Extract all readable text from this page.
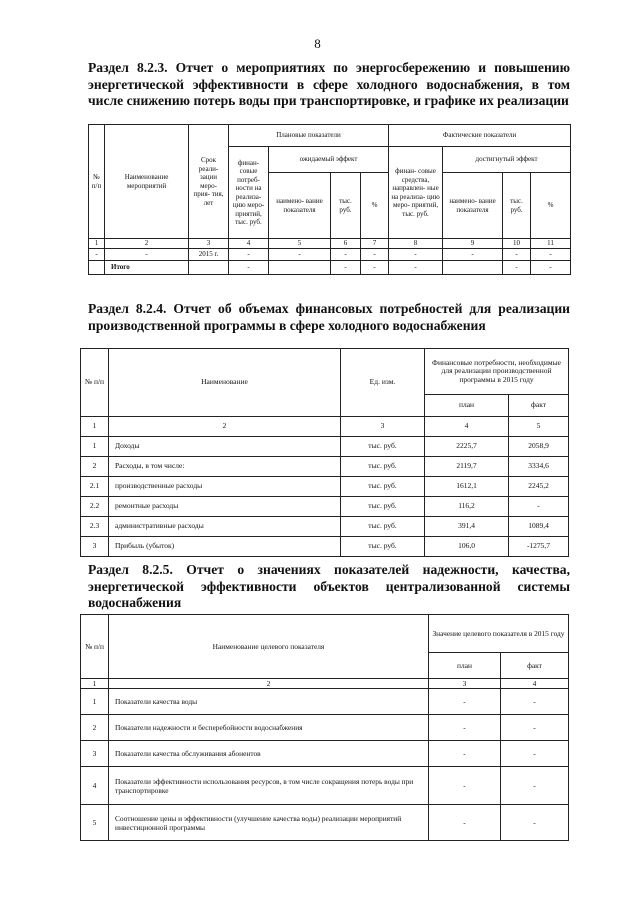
8
Раздел 8.2.3. Отчет о мероприятиях по энергосбережению и повышению энергетической эффективности в сфере холодного водоснабжения, в том числе снижению потерь воды при транспортировке, и графике их реализации
№ п/п	Наименование мероприятий	Срок реали- зации меро- прия- тия, лет	Плановые показатели				Фактические показатели			
			финан- совые потреб- ности на реализа- цию меро- приятий, тыс. руб.	ожидаемый эффект			финан- совые средства, направлен- ные на реализа- цию меро- приятий, тыс. руб.	достигнутый эффект		
				наимено- вание показателя	тыс. руб.	%		наимено- вание показателя	тыс. руб.	%
1	2	3	4	5	6	7	8	9	10	11
-	-	2015 г.	-	-	-	-	-	-	-	-
	Итого		-		-	-	-		-	-
Раздел 8.2.4. Отчет об объемах финансовых потребностей для реализации производственной программы в сфере холодного водоснабжения
№ п/п	Наименование	Ед. изм.	Финансовые потребности, необходимые для реализации производственной программы в 2015 году	
			план	факт
1	2	3	4	5
1	Доходы	тыс. руб.	2225,7	2058,9
2	Расходы, в том числе:	тыс. руб.	2119,7	3334,6
2.1	производственные расходы	тыс. руб.	1612,1	2245,2
2.2	ремонтные расходы	тыс. руб.	116,2	-
2.3	административные расходы	тыс. руб.	391,4	1089,4
3	Прибыль (убыток)	тыс. руб.	106,0	-1275,7
Раздел 8.2.5. Отчет о значениях показателей надежности, качества, энергетической эффективности объектов централизованной системы водоснабжения
№ п/п	Наименование целевого показателя	Значение целевого показателя в 2015 году	
		план	факт
1	2	3	4
1	Показатели качества воды	-	-
2	Показатели надежности и бесперебойности водоснабжения	-	-
3	Показатели качества обслуживания абонентов	-	-
4	Показатели эффективности использования ресурсов, в том числе сокращения потерь воды при транспортировке	-	-
5	Соотношение цены и эффективности (улучшение качества воды) реализации мероприятий инвестиционной программы	-	-
